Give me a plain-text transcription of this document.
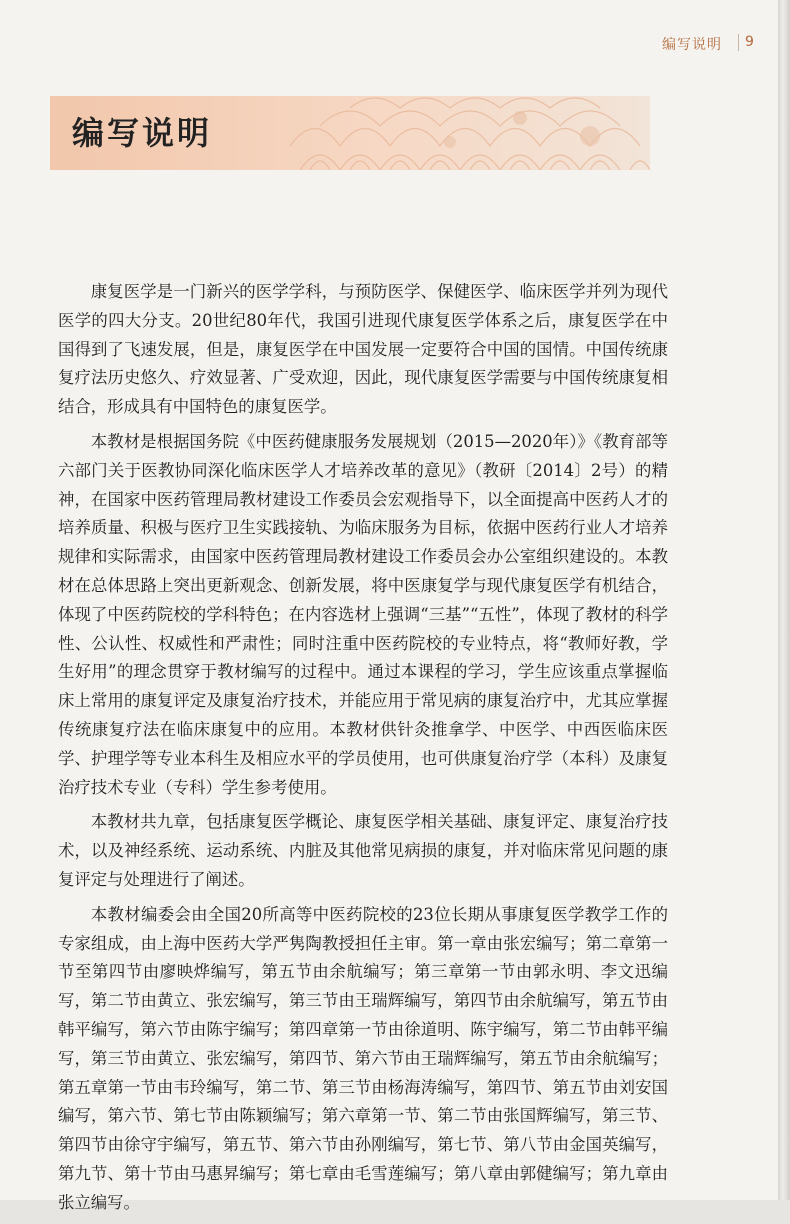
编写说明 9
编写说明

康复医学是一门新兴的医学学科，与预防医学、保健医学、临床医学并列为现代医学的四大分支。20世纪80年代，我国引进现代康复医学体系之后，康复医学在中国得到了飞速发展，但是，康复医学在中国发展一定要符合中国的国情。中国传统康复疗法历史悠久、疗效显著、广受欢迎，因此，现代康复医学需要与中国传统康复相结合，形成具有中国特色的康复医学。

本教材是根据国务院《中医药健康服务发展规划（2015—2020年）》《教育部等六部门关于医教协同深化临床医学人才培养改革的意见》（教研〔2014〕2号）的精神，在国家中医药管理局教材建设工作委员会宏观指导下，以全面提高中医药人才的培养质量、积极与医疗卫生实践接轨、为临床服务为目标，依据中医药行业人才培养规律和实际需求，由国家中医药管理局教材建设工作委员会办公室组织建设的。本教材在总体思路上突出更新观念、创新发展，将中医康复学与现代康复医学有机结合，体现了中医药院校的学科特色；在内容选材上强调“三基”“五性”，体现了教材的科学性、公认性、权威性和严肃性；同时注重中医药院校的专业特点，将“教师好教，学生好用”的理念贯穿于教材编写的过程中。通过本课程的学习，学生应该重点掌握临床上常用的康复评定及康复治疗技术，并能应用于常见病的康复治疗中，尤其应掌握传统康复疗法在临床康复中的应用。本教材供针灸推拿学、中医学、中西医临床医学、护理学等专业本科生及相应水平的学员使用，也可供康复治疗学（本科）及康复治疗技术专业（专科）学生参考使用。

本教材共九章，包括康复医学概论、康复医学相关基础、康复评定、康复治疗技术，以及神经系统、运动系统、内脏及其他常见病损的康复，并对临床常见问题的康复评定与处理进行了阐述。

本教材编委会由全国20所高等中医药院校的23位长期从事康复医学教学工作的专家组成，由上海中医药大学严隽陶教授担任主审。第一章由张宏编写；第二章第一节至第四节由廖映烨编写，第五节由余航编写；第三章第一节由郭永明、李文迅编写，第二节由黄立、张宏编写，第三节由王瑞辉编写，第四节由余航编写，第五节由韩平编写，第六节由陈宇编写；第四章第一节由徐道明、陈宇编写，第二节由韩平编写，第三节由黄立、张宏编写，第四节、第六节由王瑞辉编写，第五节由余航编写；第五章第一节由韦玲编写，第二节、第三节由杨海涛编写，第四节、第五节由刘安国编写，第六节、第七节由陈颖编写；第六章第一节、第二节由张国辉编写，第三节、第四节由徐守宇编写，第五节、第六节由孙刚编写，第七节、第八节由金国英编写，第九节、第十节由马惠昇编写；第七章由毛雪莲编写；第八章由郭健编写；第九章由张立编写。
